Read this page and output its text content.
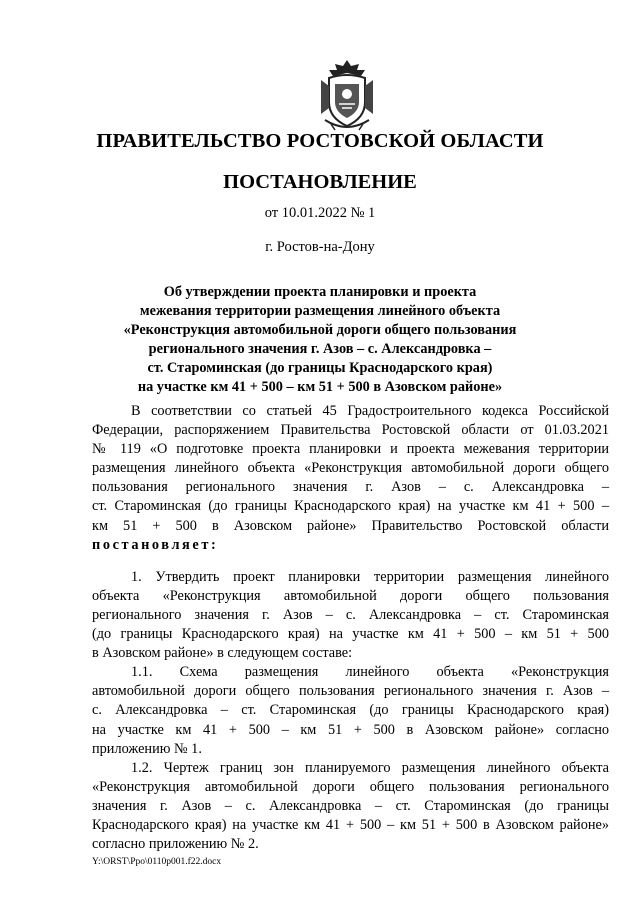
ПРАВИТЕЛЬСТВО РОСТОВСКОЙ ОБЛАСТИ
ПОСТАНОВЛЕНИЕ
от 10.01.2022 № 1
г. Ростов-на-Дону
Об утверждении проекта планировки и проекта
межевания территории размещения линейного объекта
«Реконструкция автомобильной дороги общего пользования
регионального значения г. Азов – с. Александровка –
ст. Староминская (до границы Краснодарского края)
на участке км 41 + 500 – км 51 + 500 в Азовском районе»
В соответствии со статьей 45 Градостроительного кодекса Российской
Федерации, распоряжением Правительства Ростовской области от 01.03.2021
№ 119 «О подготовке проекта планировки и проекта межевания территории
размещения линейного объекта «Реконструкция автомобильной дороги общего
пользования регионального значения г. Азов – с. Александровка –
ст. Староминская (до границы Краснодарского края) на участке км 41 + 500 –
км 51 + 500 в Азовском районе» Правительство Ростовской области
постановляет:
1. Утвердить проект планировки территории размещения линейного
объекта «Реконструкция автомобильной дороги общего пользования
регионального значения г. Азов – с. Александровка – ст. Староминская
(до границы Краснодарского края) на участке км 41 + 500 – км 51 + 500
в Азовском районе» в следующем составе:
1.1. Схема размещения линейного объекта «Реконструкция
автомобильной дороги общего пользования регионального значения г. Азов –
с. Александровка – ст. Староминская (до границы Краснодарского края)
на участке км 41 + 500 – км 51 + 500 в Азовском районе» согласно
приложению № 1.
1.2. Чертеж границ зон планируемого размещения линейного объекта
«Реконструкция автомобильной дороги общего пользования регионального
значения г. Азов – с. Александровка – ст. Староминская (до границы
Краснодарского края) на участке км 41 + 500 – км 51 + 500 в Азовском районе»
согласно приложению № 2.
Y:\ORST\Ppo\0110p001.f22.docx
